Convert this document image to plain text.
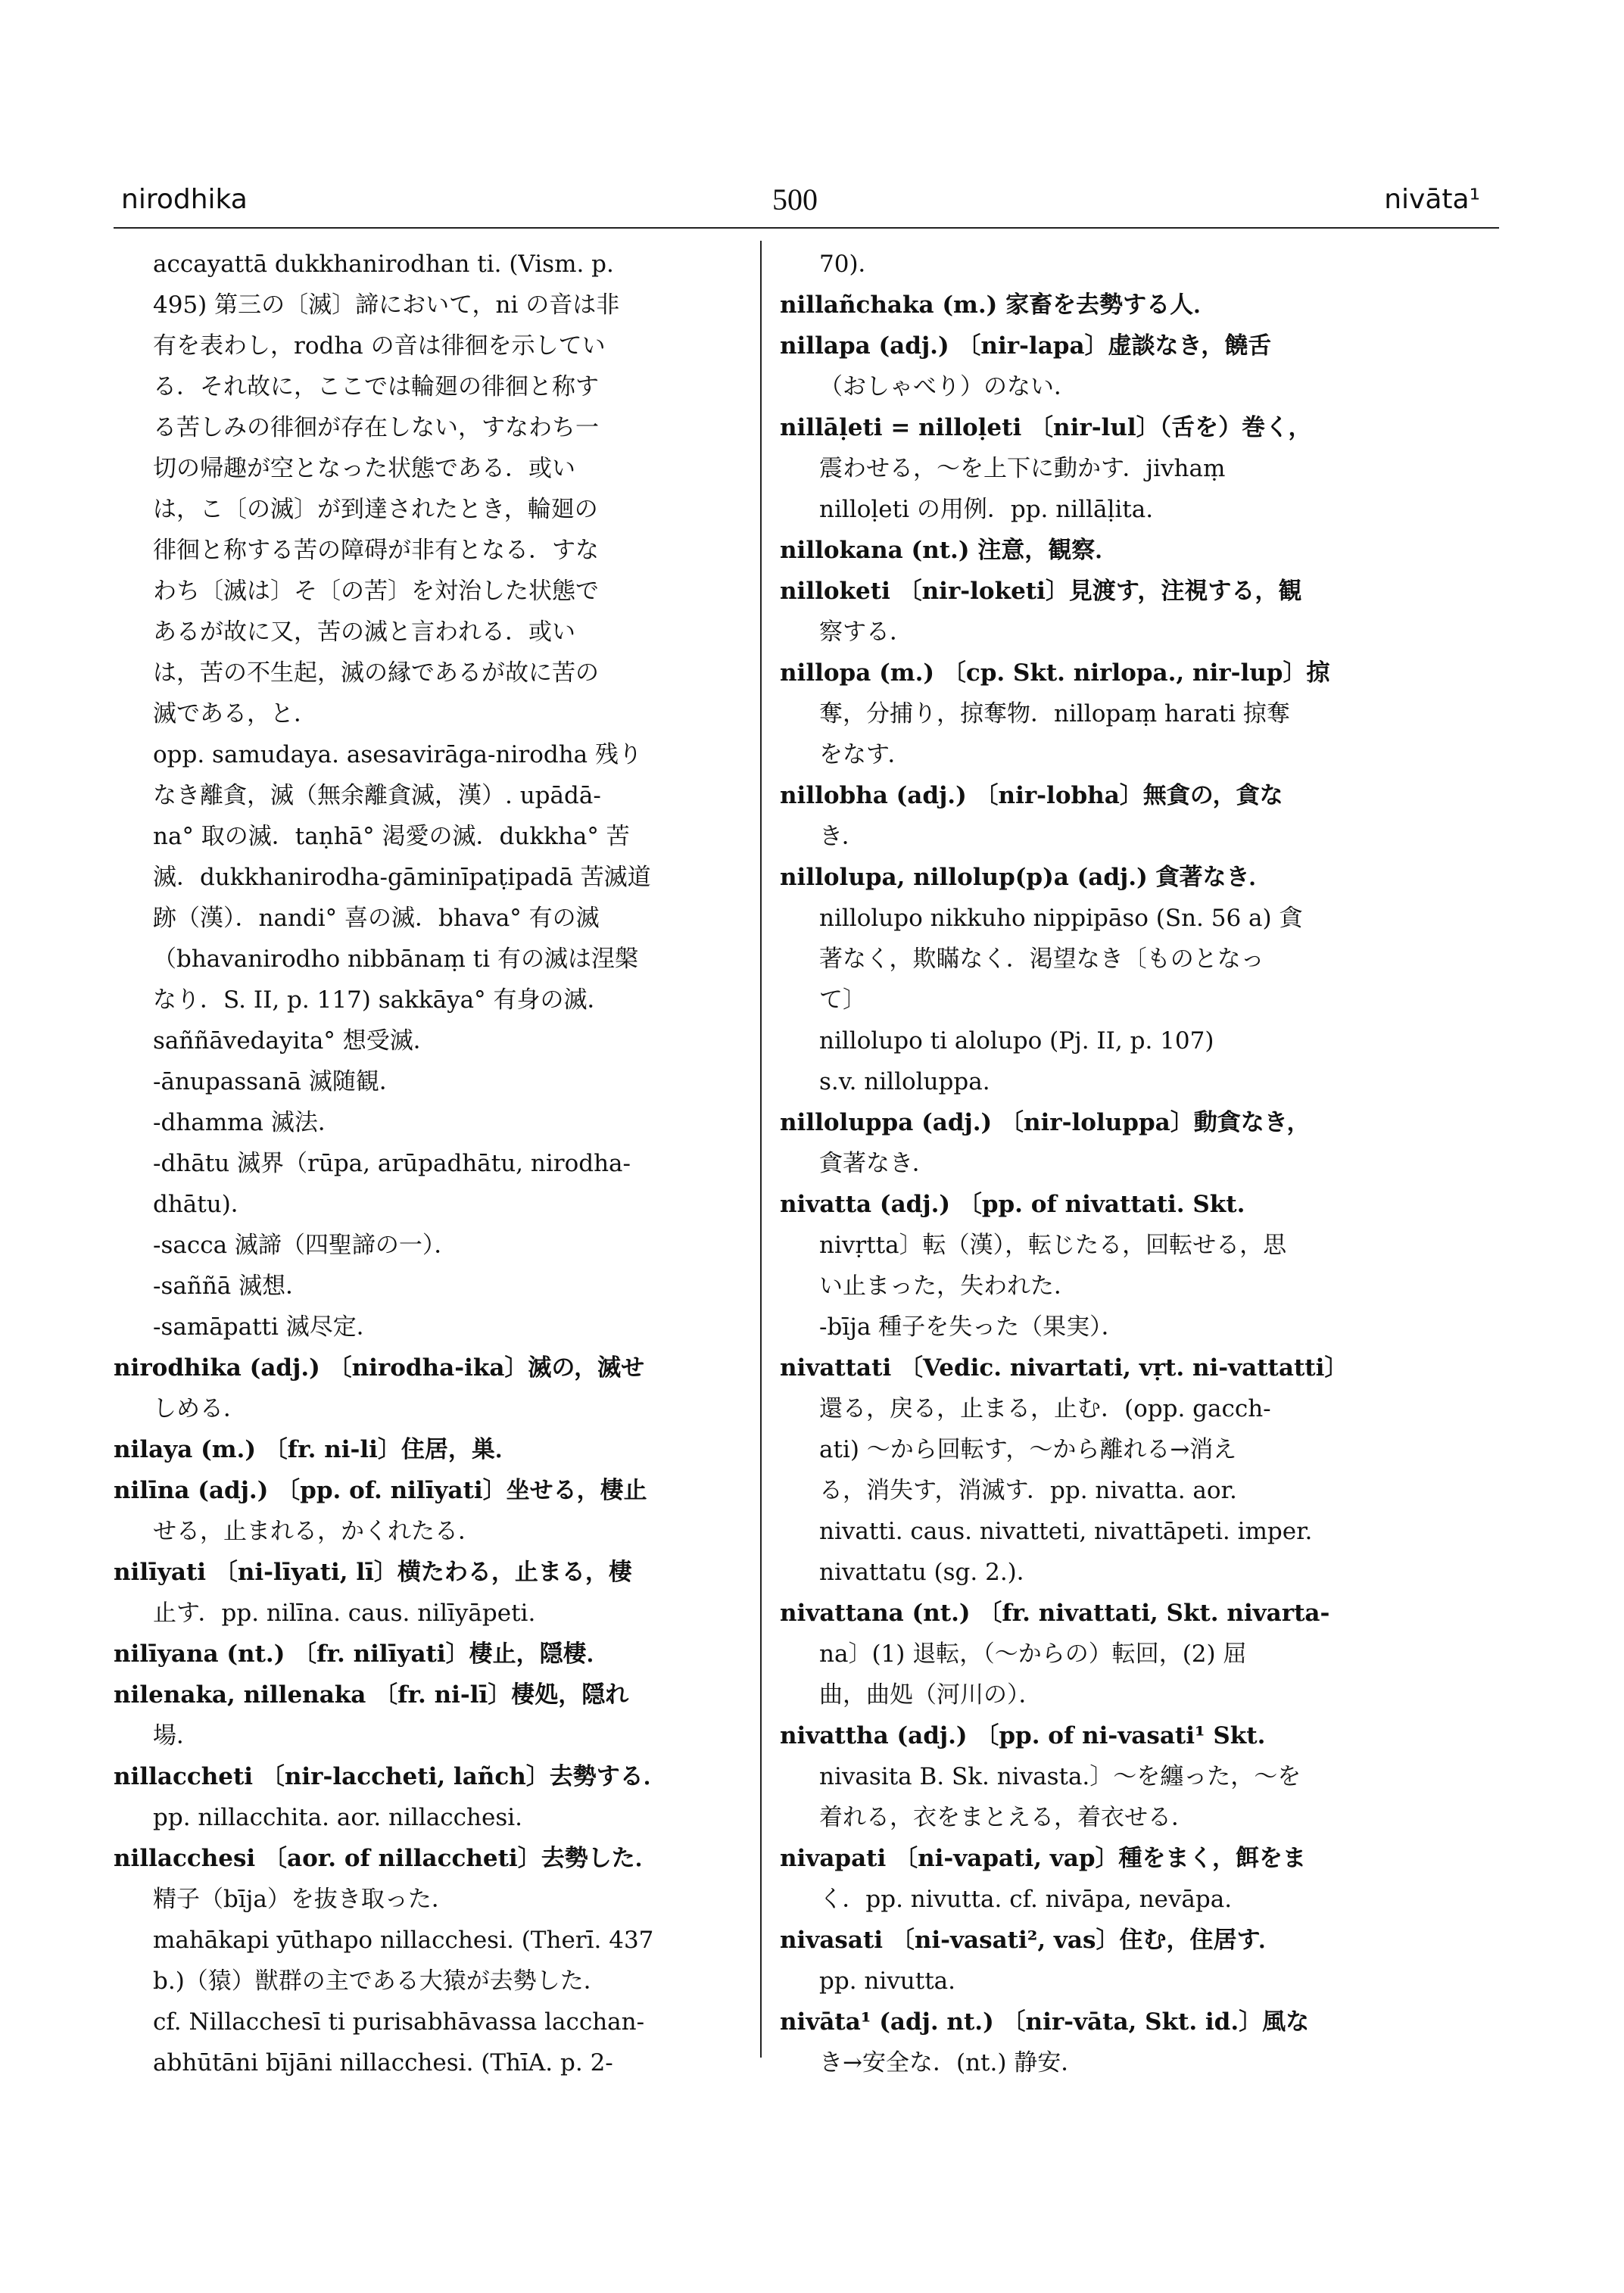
nirodhika	500	nivāta¹
accayattā dukkhanirodhan ti. (Vism. p.
495) 第三の〔滅〕諦において，ni の音は非
有を表わし，rodha の音は徘徊を示してい
る．それ故に，ここでは輪廻の徘徊と称す
る苦しみの徘徊が存在しない，すなわち一
切の帰趣が空となった状態である．或い
は，こ〔の滅〕が到達されたとき，輪廻の
徘徊と称する苦の障碍が非有となる．すな
わち〔滅は〕そ〔の苦〕を対治した状態で
あるが故に又，苦の滅と言われる．或い
は，苦の不生起，滅の縁であるが故に苦の
滅である，と．
opp. samudaya. asesavirāga-nirodha 残り
なき離貪，滅（無余離貪滅，漢）. upādā-
na° 取の滅．taṇhā° 渇愛の滅．dukkha° 苦
滅．dukkhanirodha-gāminīpaṭipadā 苦滅道
跡（漢）．nandi° 喜の滅．bhava° 有の滅
（bhavanirodho nibbānaṃ ti 有の滅は涅槃
なり．S. II, p. 117) sakkāya° 有身の滅．
saññāvedayita° 想受滅．
-ānupassanā 滅随観．
-dhamma 滅法．
-dhātu 滅界（rūpa, arūpadhātu, nirodha-
dhātu)．
-sacca 滅諦（四聖諦の一）．
-saññā 滅想．
-samāpatti 滅尽定．
nirodhika (adj.) 〔nirodha-ika〕滅の，滅せ
しめる．
nilaya (m.) 〔fr. ni-li〕住居，巣．
nilīna (adj.) 〔pp. of. nilīyati〕坐せる，棲止
せる，止まれる，かくれたる．
nilīyati 〔ni-līyati, lī〕横たわる，止まる，棲
止す．pp. nilīna. caus. nilīyāpeti.
nilīyana (nt.) 〔fr. nilīyati〕棲止，隠棲．
nilenaka, nillenaka 〔fr. ni-lī〕棲処，隠れ
場．
nillaccheti 〔nir-laccheti, lañch〕去勢する．
pp. nillacchita. aor. nillacchesi.
nillacchesi 〔aor. of nillaccheti〕去勢した．
精子（bīja）を抜き取った．
mahākapi yūthapo nillacchesi. (Therī. 437
b.)（猿）獣群の主である大猿が去勢した．
cf. Nillacchesī ti purisabhāvassa lacchan-
abhūtāni bījāni nillacchesi. (ThīA. p. 2-
70)．
nillañchaka (m.) 家畜を去勢する人．
nillapa (adj.) 〔nir-lapa〕虚談なき，饒舌
（おしゃべり）のない．
nillāḷeti = nilloḷeti 〔nir-lul〕（舌を）巻く，
震わせる，～を上下に動かす．jivhaṃ
nilloḷeti の用例．pp. nillāḷita.
nillokana (nt.) 注意，観察．
nilloketi 〔nir-loketi〕見渡す，注視する，観
察する．
nillopa (m.) 〔cp. Skt. nirlopa., nir-lup〕掠
奪，分捕り，掠奪物．nillopaṃ harati 掠奪
をなす．
nillobha (adj.) 〔nir-lobha〕無貪の，貪な
き．
nillolupa, nillolup(p)a (adj.) 貪著なき．
nillolupo nikkuho nippipāso (Sn. 56 a) 貪
著なく，欺瞞なく．渇望なき〔ものとなっ
て〕
nillolupo ti alolupo (Pj. II, p. 107)
s.v. nilloluppa.
nilloluppa (adj.) 〔nir-loluppa〕動貪なき，
貪著なき．
nivatta (adj.) 〔pp. of nivattati. Skt.
nivṛtta〕転（漢），転じたる，回転せる，思
い止まった，失われた．
-bīja 種子を失った（果実）．
nivattati 〔Vedic. nivartati, vṛt. ni-vattatti〕
還る，戻る，止まる，止む．(opp. gacch-
ati) ～から回転す，～から離れる→消え
る，消失す，消滅す．pp. nivatta. aor.
nivatti. caus. nivatteti, nivattāpeti. imper.
nivattatu (sg. 2.)．
nivattana (nt.) 〔fr. nivattati, Skt. nivarta-
na〕(1) 退転，（～からの）転回，(2) 屈
曲，曲処（河川の）．
nivattha (adj.) 〔pp. of ni-vasati¹ Skt.
nivasita B. Sk. nivasta.〕～を纏った，～を
着れる，衣をまとえる，着衣せる．
nivapati 〔ni-vapati, vap〕種をまく，餌をま
く．pp. nivutta. cf. nivāpa, nevāpa.
nivasati 〔ni-vasati², vas〕住む，住居す．
pp. nivutta.
nivāta¹ (adj. nt.) 〔nir-vāta, Skt. id.〕風な
き→安全な．(nt.) 静安．
